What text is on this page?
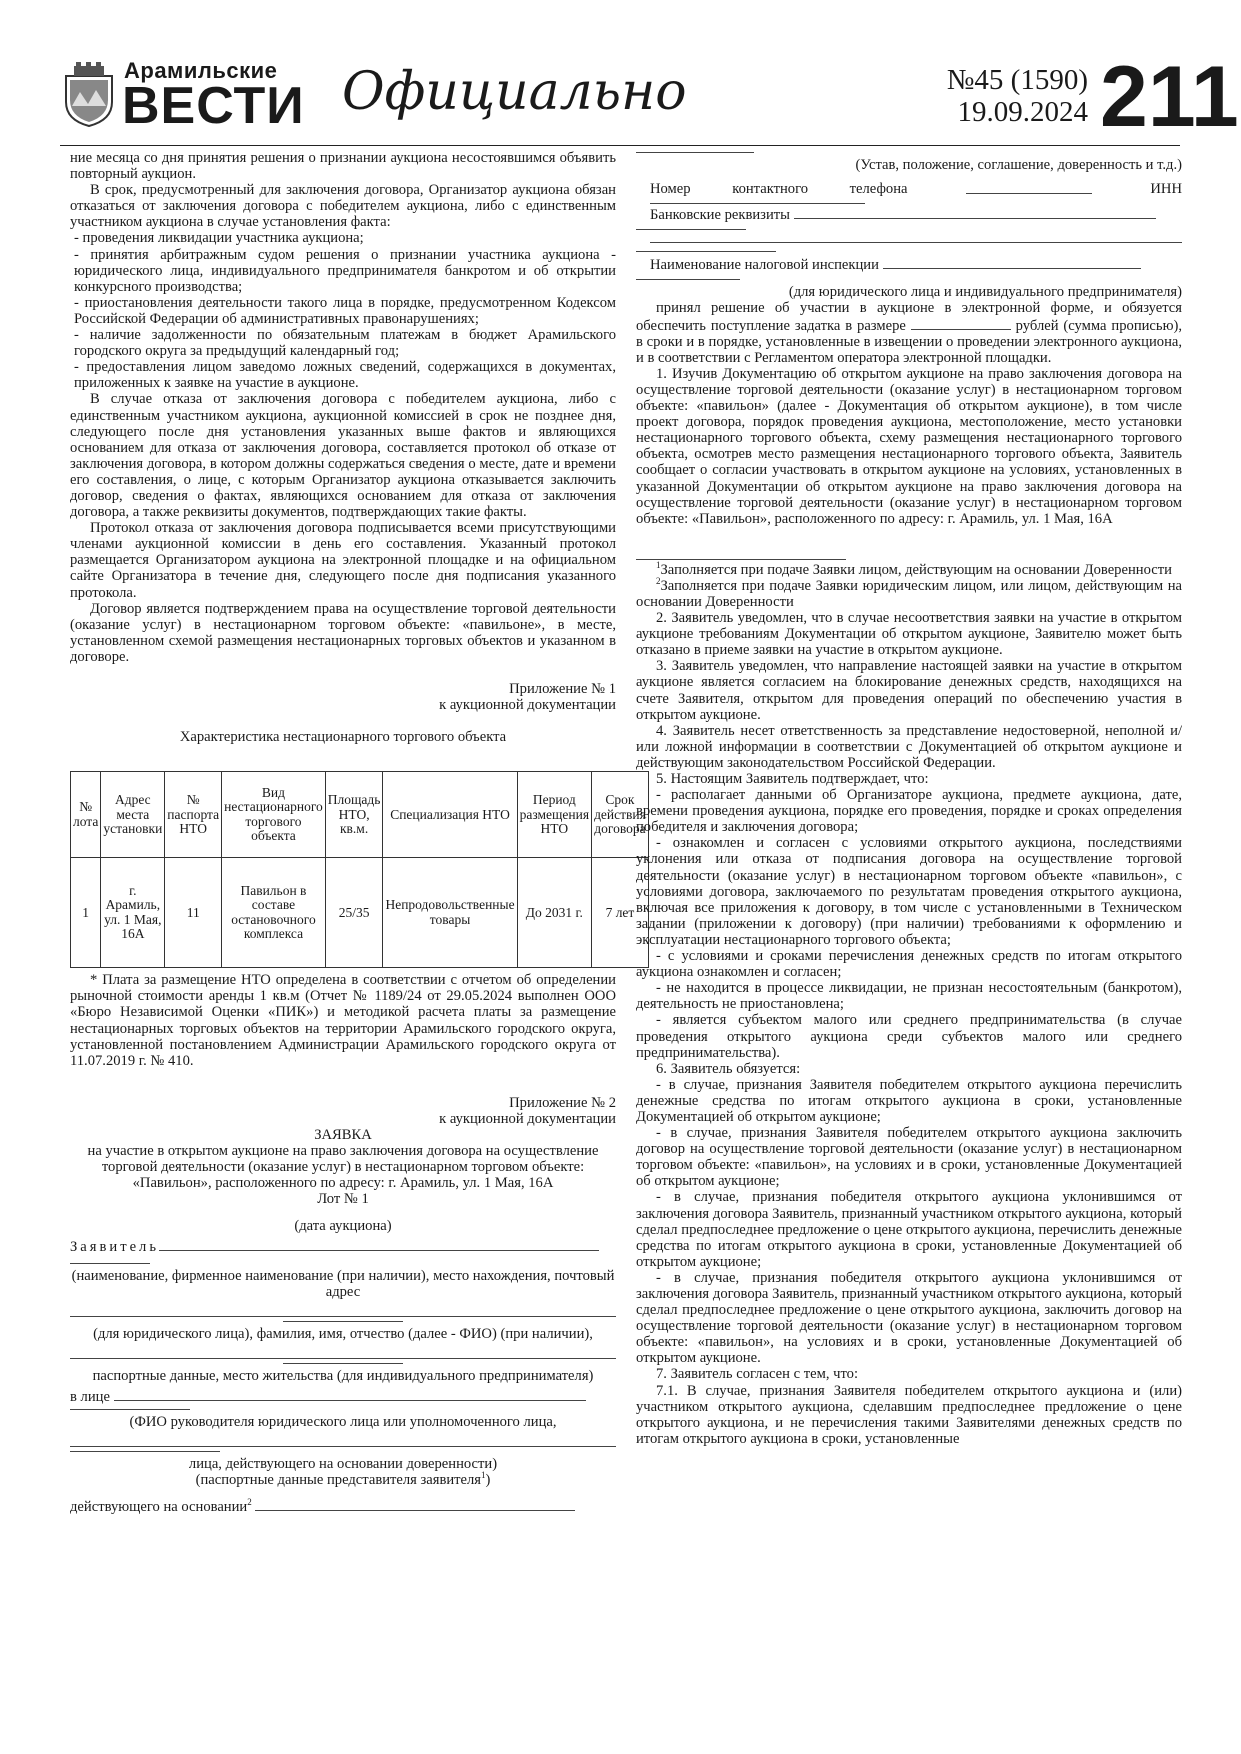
Арамильские
ВЕСТИ Официально	№45 (1590)
19.09.2024 211

ние месяца со дня принятия решения о признании аукциона несостоявшимся объявить повторный аукцион.

В срок, предусмотренный для заключения договора, Организатор аукциона обязан отказаться от заключения договора с победителем аукциона, либо с единственным участником аукциона в случае установления факта:

- проведения ликвидации участника аукциона;

- принятия арбитражным судом решения о признании участника аукциона - юридического лица, индивидуального предпринимателя банкротом и об открытии конкурсного производства;

- приостановления деятельности такого лица в порядке, предусмотренном Кодексом Российской Федерации об административных правонарушениях;

- наличие задолженности по обязательным платежам в бюджет Арамильского городского округа за предыдущий календарный год;

- предоставления лицом заведомо ложных сведений, содержащихся в документах, приложенных к заявке на участие в аукционе.

В случае отказа от заключения договора с победителем аукциона, либо с единственным участником аукциона, аукционной комиссией в срок не позднее дня, следующего после дня установления указанных выше фактов и являющихся основанием для отказа от заключения договора, составляется протокол об отказе от заключения договора, в котором должны содержаться сведения о месте, дате и времени его составления, о лице, с которым Организатор аукциона отказывается заключить договор, сведения о фактах, являющихся основанием для отказа от заключения договора, а также реквизиты документов, подтверждающих такие факты.

Протокол отказа от заключения договора подписывается всеми присутствующими членами аукционной комиссии в день его составления. Указанный протокол размещается Организатором аукциона на электронной площадке и на официальном сайте Организатора в течение дня, следующего после дня подписания указанного протокола.

Договор является подтверждением права на осуществление торговой деятельности (оказание услуг) в нестационарном торговом объекте: «павильоне», в месте, установленном схемой размещения нестационарных торговых объектов и указанном в договоре.

Приложение № 1

к аукционной документации

Характеристика нестационарного торгового объекта

№ лота	Адрес места установки	№ паспорта НТО	Вид нестационарного торгового объекта	Площадь НТО, кв.м.	Специализация НТО	Период размещения НТО	Срок действия договора
1	г. Арамиль, ул. 1 Мая, 16А	11	Павильон в составе остановочного комплекса	25/35	Непродовольственные товары	До 2031 г.	7 лет

* Плата за размещение НТО определена в соответствии с отчетом об определении рыночной стоимости аренды 1 кв.м (Отчет № 1189/24 от 29.05.2024 выполнен ООО «Бюро Независимой Оценки «ПИК») и методикой расчета платы за размещение нестационарных торговых объектов на территории Арамильского городского округа, установленной постановлением Администрации Арамильского городского округа от 11.07.2019 г. № 410.

Приложение № 2

к аукционной документации

ЗАЯВКА

на участие в открытом аукционе на право заключения договора на осуществление

торговой деятельности (оказание услуг) в нестационарном торговом объекте:

«Павильон», расположенного по адресу: г. Арамиль, ул. 1 Мая, 16А

Лот № 1

(дата аукциона)

Заявитель

(наименование, фирменное наименование (при наличии), место нахождения, почтовый адрес

(для юридического лица), фамилия, имя, отчество (далее - ФИО) (при наличии),

паспортные данные, место жительства (для индивидуального предпринимателя)

в лице

(ФИО руководителя юридического лица или уполномоченного лица,

лица, действующего на основании доверенности)

(паспортные данные представителя заявителя$^1$)

действующего на основании$^2$

(Устав, положение, соглашение, доверенность и т.д.)

Номер контактного телефона	ИНН

Банковские реквизиты

Наименование налоговой инспекции

(для юридического лица и индивидуального предпринимателя)

принял решение об участии в аукционе в электронной форме, и обязуется обеспечить поступление задатка в размере	рублей (сумма прописью), в сроки и в порядке, установленные в извещении о проведении электронного аукциона, и в соответствии с Регламентом оператора электронной площадки.

1. Изучив Документацию об открытом аукционе на право заключения договора на осуществление торговой деятельности (оказание услуг) в нестационарном торговом объекте: «павильон» (далее - Документация об открытом аукционе), в том числе проект договора, порядок проведения аукциона, местоположение, место установки нестационарного торгового объекта, схему размещения нестационарного торгового объекта, осмотрев место размещения нестационарного торгового объекта, Заявитель сообщает о согласии участвовать в открытом аукционе на условиях, установленных в указанной Документации об открытом аукционе на право заключения договора на осуществление торговой деятельности (оказание услуг) в нестационарном торговом объекте: «Павильон», расположенного по адресу: г. Арамиль, ул. 1 Мая, 16А

$^1$Заполняется при подаче Заявки лицом, действующим на основании Доверенности

$^2$Заполняется при подаче Заявки юридическим лицом, или лицом, действующим на основании Доверенности

2. Заявитель уведомлен, что в случае несоответствия заявки на участие в открытом аукционе требованиям Документации об открытом аукционе, Заявителю может быть отказано в приеме заявки на участие в открытом аукционе.

3. Заявитель уведомлен, что направление настоящей заявки на участие в открытом аукционе является согласием на блокирование денежных средств, находящихся на счете Заявителя, открытом для проведения операций по обеспечению участия в открытом аукционе.

4. Заявитель несет ответственность за представление недостоверной, неполной и/или ложной информации в соответствии с Документацией об открытом аукционе и действующим законодательством Российской Федерации.

5. Настоящим Заявитель подтверждает, что:

- располагает данными об Организаторе аукциона, предмете аукциона, дате, времени проведения аукциона, порядке его проведения, порядке и сроках определения победителя и заключения договора;

- ознакомлен и согласен с условиями открытого аукциона, последствиями уклонения или отказа от подписания договора на осуществление торговой деятельности (оказание услуг) в нестационарном торговом объекте «павильон», с условиями договора, заключаемого по результатам проведения открытого аукциона, включая все приложения к договору, в том числе с установленными в Техническом задании (приложении к договору) (при наличии) требованиями к оформлению и эксплуатации нестационарного торгового объекта;

- с условиями и сроками перечисления денежных средств по итогам открытого аукциона ознакомлен и согласен;

- не находится в процессе ликвидации, не признан несостоятельным (банкротом), деятельность не приостановлена;

- является субъектом малого или среднего предпринимательства (в случае проведения открытого аукциона среди субъектов малого или среднего предпринимательства).

6. Заявитель обязуется:

- в случае, признания Заявителя победителем открытого аукциона перечислить денежные средства по итогам открытого аукциона в сроки, установленные Документацией об открытом аукционе;

- в случае, признания Заявителя победителем открытого аукциона заключить договор на осуществление торговой деятельности (оказание услуг) в нестационарном торговом объекте: «павильон», на условиях и в сроки, установленные Документацией об открытом аукционе;

- в случае, признания победителя открытого аукциона уклонившимся от заключения договора Заявитель, признанный участником открытого аукциона, который сделал предпоследнее предложение о цене открытого аукциона, перечислить денежные средства по итогам открытого аукциона в сроки, установленные Документацией об открытом аукционе;

- в случае, признания победителя открытого аукциона уклонившимся от заключения договора Заявитель, признанный участником открытого аукциона, который сделал предпоследнее предложение о цене открытого аукциона, заключить договор на осуществление торговой деятельности (оказание услуг) в нестационарном торговом объекте: «павильон», на условиях и в сроки, установленные Документацией об открытом аукционе.

7. Заявитель согласен с тем, что:

7.1. В случае, признания Заявителя победителем открытого аукциона и (или) участником открытого аукциона, сделавшим предпоследнее предложение о цене открытого аукциона, и не перечисления такими Заявителями денежных средств по итогам открытого аукциона в сроки, установленные
